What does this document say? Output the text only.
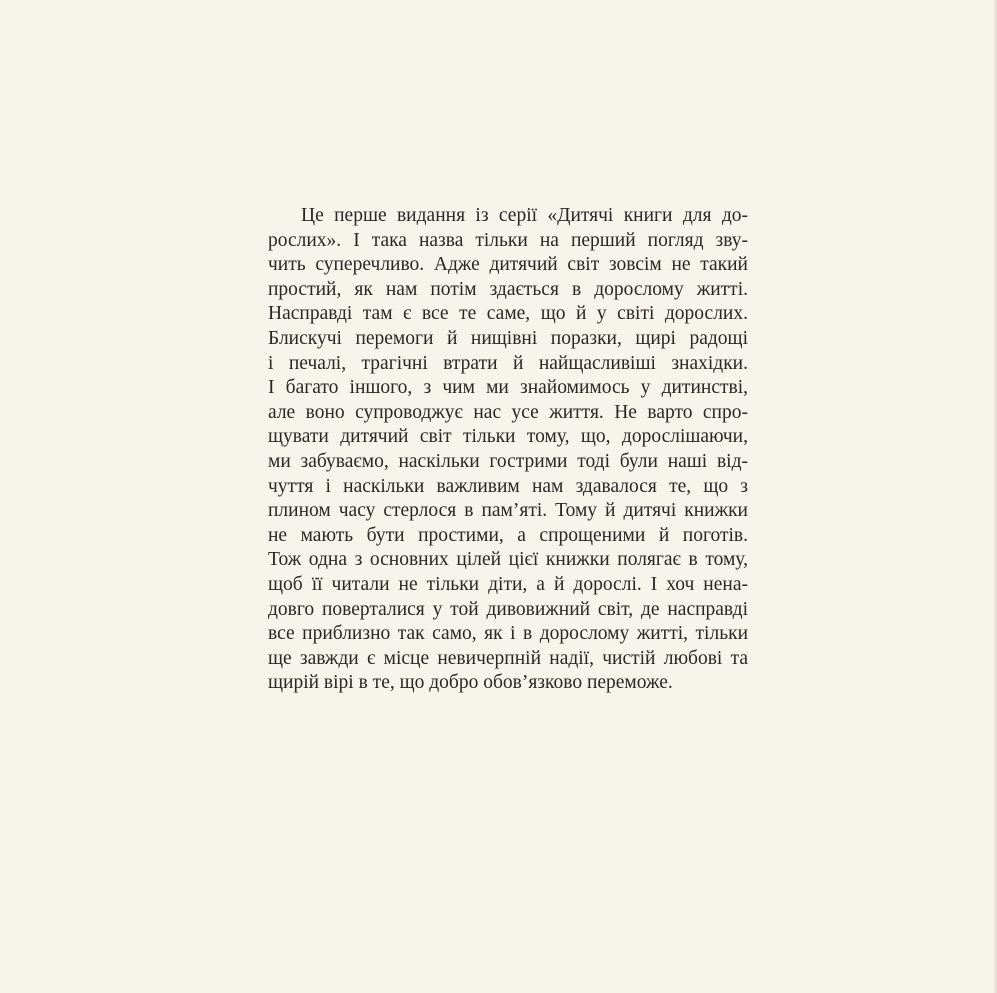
Це перше видання із серії «Дитячі книги для до-
рослих». І така назва тільки на перший погляд зву-
чить суперечливо. Адже дитячий світ зовсім не такий
простий, як нам потім здається в дорослому житті.
Насправді там є все те саме, що й у світі дорослих.
Блискучі перемоги й нищівні поразки, щирі радощі
і печалі, трагічні втрати й найщасливіші знахідки.
І багато іншого, з чим ми знайомимось у дитинстві,
але воно супроводжує нас усе життя. Не варто спро-
щувати дитячий світ тільки тому, що, дорослішаючи,
ми забуваємо, наскільки гострими тоді були наші від-
чуття і наскільки важливим нам здавалося те, що з
плином часу стерлося в пам’яті. Тому й дитячі книжки
не мають бути простими, а спрощеними й поготів.
Тож одна з основних цілей цієї книжки полягає в тому,
щоб її читали не тільки діти, а й дорослі. І хоч нена-
довго поверталися у той дивовижний світ, де насправді
все приблизно так само, як і в дорослому житті, тільки
ще завжди є місце невичерпній надії, чистій любові та
щирій вірі в те, що добро обов’язково переможе.
